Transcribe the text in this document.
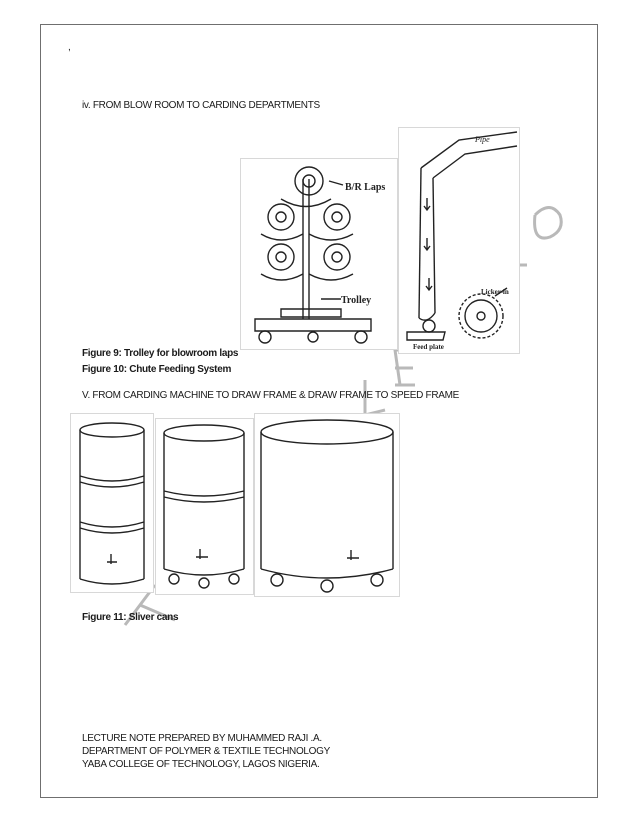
,
iv. FROM BLOW ROOM TO CARDING DEPARTMENTS
B/R Laps
Trolley
Pipe
Licker-in
Feed plate
Figure 9: Trolley for blowroom laps
Figure 10: Chute Feeding System
V. FROM CARDING MACHINE TO DRAW FRAME & DRAW FRAME TO SPEED FRAME
Figure 11: Sliver cans
LECTURE NOTE PREPARED BY MUHAMMED RAJI .A.
DEPARTMENT OF POLYMER & TEXTILE TECHNOLOGY
YABA COLLEGE OF TECHNOLOGY, LAGOS NIGERIA.
